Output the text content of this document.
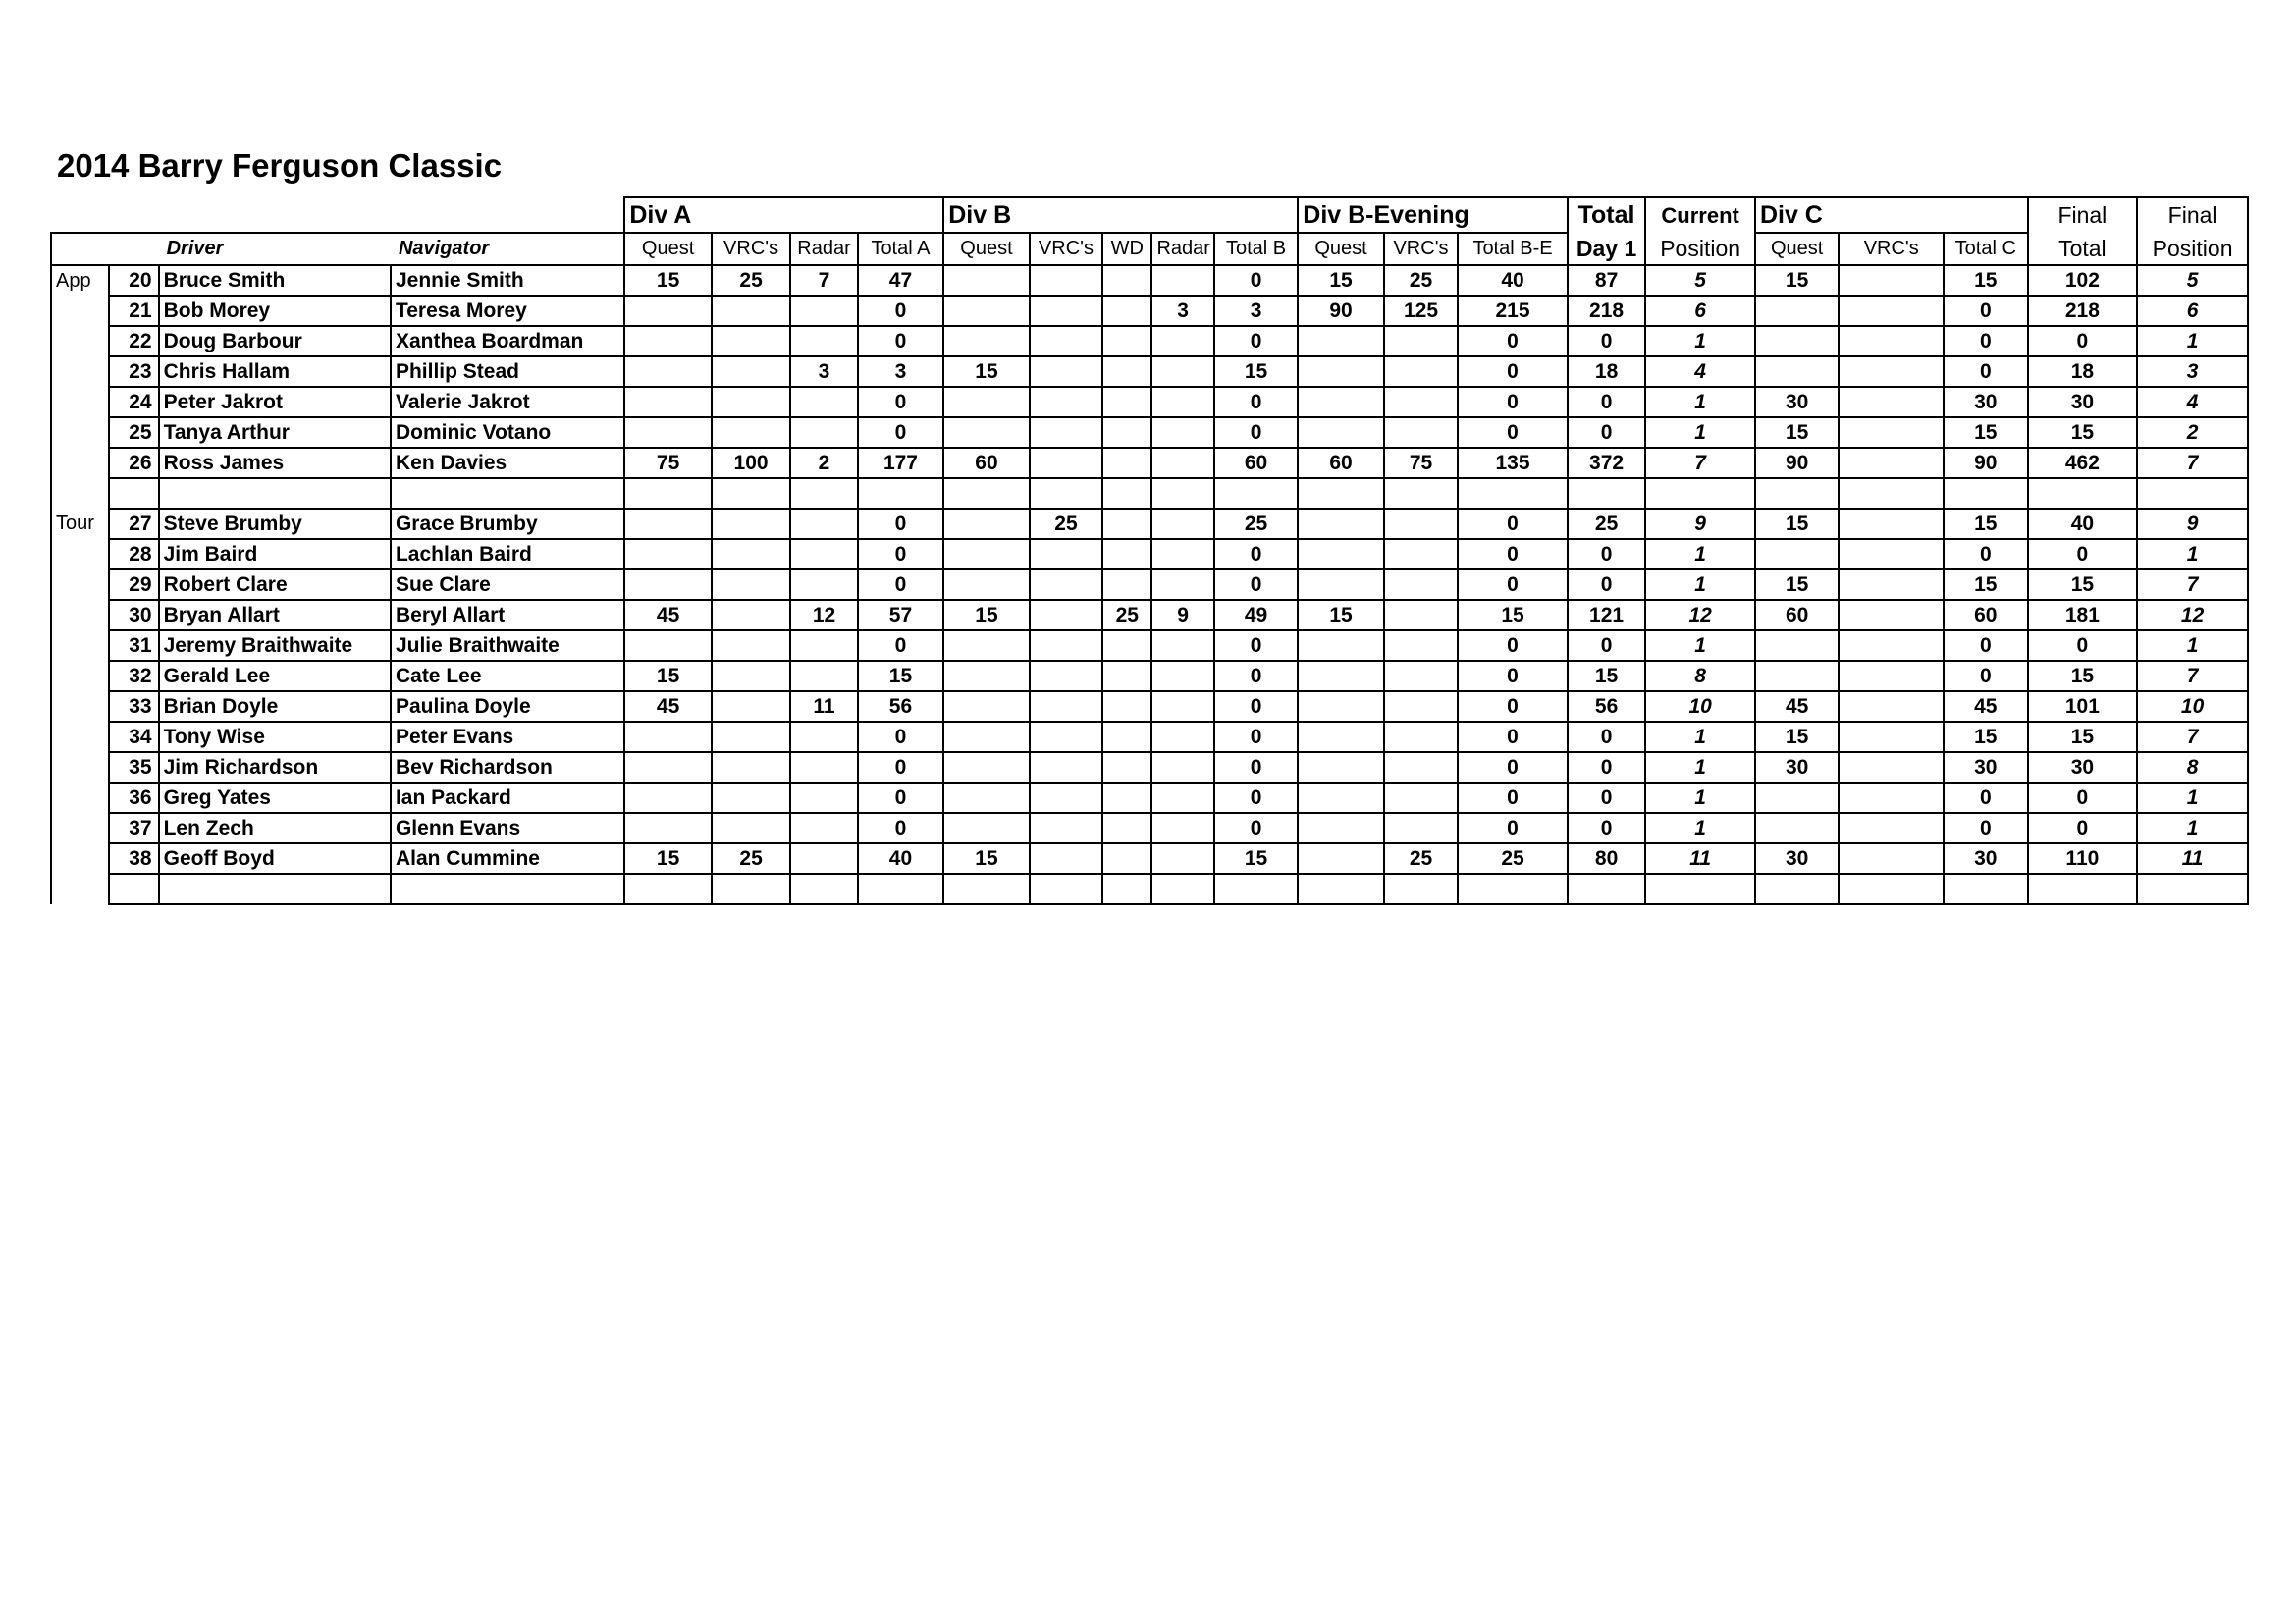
2014 Barry Ferguson Classic
				Div A				Div B					Div B-Evening			Total	Current	Div C			Final	Final
		Driver	Navigator	Quest	VRC's	Radar	Total A	Quest	VRC's	WD	Radar	Total B	Quest	VRC's	Total B-E	Day 1	Position	Quest	VRC's	Total C	Total	Position
App	20	Bruce Smith	Jennie Smith	15	25	7	47					0	15	25	40	87	5	15		15	102	5
	21	Bob Morey	Teresa Morey				0				3	3	90	125	215	218	6			0	218	6
	22	Doug Barbour	Xanthea Boardman				0					0			0	0	1			0	0	1
	23	Chris Hallam	Phillip Stead			3	3	15				15			0	18	4			0	18	3
	24	Peter Jakrot	Valerie Jakrot				0					0			0	0	1	30		30	30	4
	25	Tanya Arthur	Dominic Votano				0					0			0	0	1	15		15	15	2
	26	Ross James	Ken Davies	75	100	2	177	60				60	60	75	135	372	7	90		90	462	7

Tour	27	Steve Brumby	Grace Brumby				0		25			25			0	25	9	15		15	40	9
	28	Jim Baird	Lachlan Baird				0					0			0	0	1			0	0	1
	29	Robert Clare	Sue Clare				0					0			0	0	1	15		15	15	7
	30	Bryan Allart	Beryl Allart	45		12	57	15		25	9	49	15		15	121	12	60		60	181	12
	31	Jeremy Braithwaite	Julie Braithwaite				0					0			0	0	1			0	0	1
	32	Gerald Lee	Cate Lee	15			15					0			0	15	8			0	15	7
	33	Brian Doyle	Paulina Doyle	45		11	56					0			0	56	10	45		45	101	10
	34	Tony Wise	Peter Evans				0					0			0	0	1	15		15	15	7
	35	Jim Richardson	Bev Richardson				0					0			0	0	1	30		30	30	8
	36	Greg Yates	Ian Packard				0					0			0	0	1			0	0	1
	37	Len Zech	Glenn Evans				0					0			0	0	1			0	0	1
	38	Geoff Boyd	Alan Cummine	15	25		40	15				15		25	25	80	11	30		30	110	11
